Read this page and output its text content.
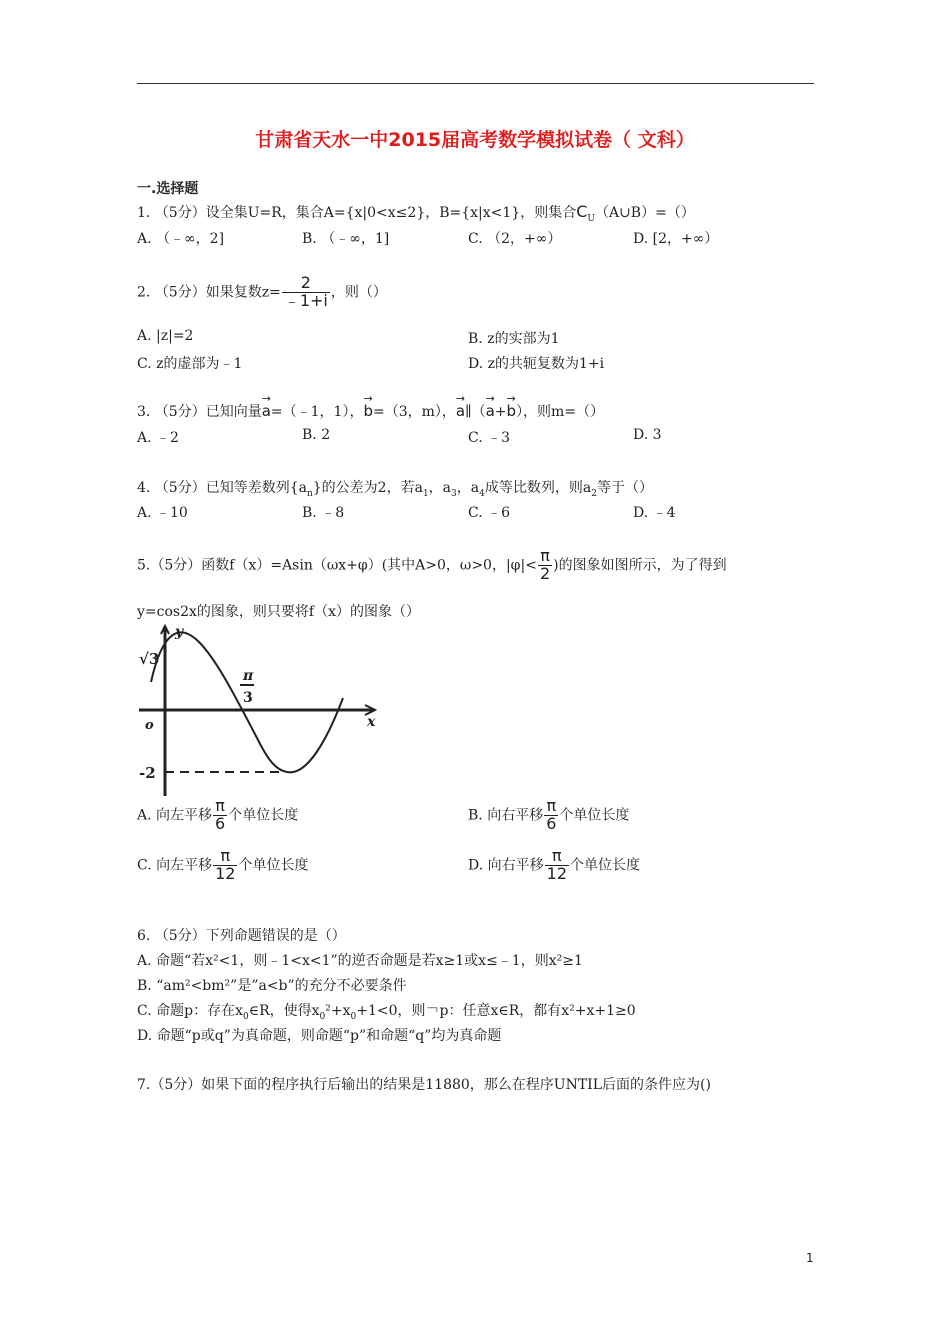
甘肃省天水一中2015届高考数学模拟试卷（ 文科）
一.选择题
1. （5分）设全集U=R，集合A={x|0<x≤2}，B={x|x<1}，则集合$C_U(A\cup B)=()$
A. （﹣∞，2]	B. （﹣∞，1]	C. （2，+∞）	D. [2，+∞）
2. （5分）如果复数$z= \frac{2}{﹣1+i}$ ，则（）
A. |z|=2	B. z的实部为1
C. z的虚部为﹣1	D. z的共轭复数为1+i
3. （5分）已知向量
→
a=（﹣1，1），
→
b=（3，m），
→
a∥（
→
a+
→
b），则m=（）
A. ﹣2	B. 2	C. ﹣3	D. 3
4. （5分）已知等差数列$\{a_n\}$的公差为2，若$a_1$，$a_3$，$a_4$成等比数列，则$a_2$等于（）
A. ﹣10	B. ﹣8	C. ﹣6	D. ﹣4
5.（5分）函数f（x）=Asin（ωx+φ）(其中A>0，ω>0，$|\varphi|< \frac{\pi}{2}$ )的图象如图所示，为了得到
y=cos2x的图象，则只要将f（x）的图象（）
y
x
o
√3
π
3
-2
A. 向左平移 $\frac{\pi}{6}$ 个单位长度	B. 向右平移 $\frac{\pi}{6}$ 个单位长度
C. 向左平移 $\frac{\pi}{12}$ 个单位长度	D. 向右平移 $\frac{\pi}{12}$ 个单位长度
6. （5分）下列命题错误的是（）
A. 命题“若x²<1，则﹣1<x<1”的逆否命题是若x≥1或x≤﹣1，则x²≥1
B. “am²<bm²”是”a<b”的充分不必要条件
C. 命题p：存在$x_0\in R$，使得$x_0^2+x_0+1<0$，则￢p：任意x∈R，都有x²+x+1≥0
D. 命题“p或q”为真命题，则命题“p”和命题“q”均为真命题
7.（5分）如果下面的程序执行后输出的结果是11880，那么在程序UNTIL后面的条件应为()
1
